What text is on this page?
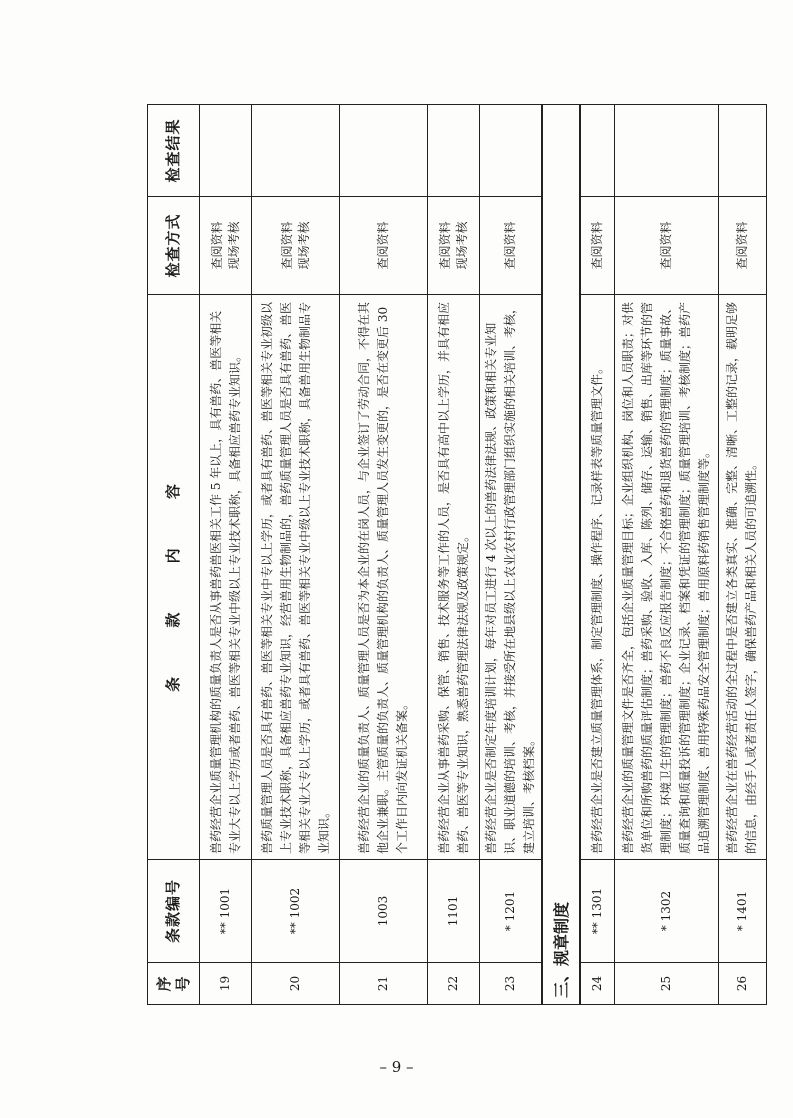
序号	条款编号	条 款 内 容	检查方式	检查结果
19	** 1001	兽药经营企业质量管理机构的质量负责人是否从事兽药兽医相关工作 5 年以上，具有兽药、兽医等相关专业大专以上学历或者兽药、兽医等相关专业中级以上专业技术职称，具备相应兽药专业知识。	查阅资料 现场考核	

20	** 1002	兽药质量管理人员是否具有兽药、兽医等相关专业中专以上学历，或者具有兽药、兽医等相关专业初级以上专业技术职称，具备相应兽药专业知识，经营兽用生物制品的，兽药质量管理人员是否具有兽药、兽医等相关专业大专以上学历，或者具有兽药、兽医等相关专业中级以上专业技术职称，具备兽用生物制品专业知识。	查阅资料 现场考核	

21	1003	兽药经营企业的质量负责人、质量管理人员是否为本企业的在岗人员，与企业签订了劳动合同，不得在其他企业兼职。主管质量的负责人、质量管理机构的负责人、质量管理人员发生变更的，是否在变更后 30 个工作日内向发证机关备案。	查阅资料	

22	1101	兽药经营企业从事兽药采购、保管、销售、技术服务等工作的人员，是否具有高中以上学历，并具有相应兽药、兽医等专业知识，熟悉兽药管理法律法规及政策规定。	查阅资料 现场考核	

23	* 1201	兽药经营企业是否制定年度培训计划，每年对员工进行 4 次以上的兽药法律法规、政策和相关专业知识、职业道德的培训、考核，并接受所在地县级以上农业农村行政管理部门组织实施的相关培训、考核，建立培训、考核档案。	查阅资料	

三、规章制度				
24	** 1301	兽药经营企业是否建立质量管理体系，制定管理制度、操作程序、记录样表等质量管理文件。	查阅资料	

25	* 1302	兽药经营企业的质量管理文件是否齐全，包括企业质量管理目标；企业组织机构、岗位和人员职责；对供货单位和所购兽药的质量评估制度；兽药采购、验收、入库、陈列、储存、运输、销售、出库等环节的管理制度；环境卫生的管理制度；兽药不良反应报告制度；不合格兽药和退货兽药的管理制度；质量事故、质量查询和质量投诉的管理制度；企业记录、档案和凭证的管理制度；质量管理培训、考核制度；兽药产品追溯管理制度、兽用特殊药品安全管理制度；兽用原料药销售管理制度等。	查阅资料	

26	* 1401	兽药经营企业在兽药经营活动的全过程中是否建立各类真实、准确、完整、清晰、工整的记录，载明足够的信息，由经手人或者责任人签字，确保兽药产品和相关人员的可追溯性。	查阅资料	

– 9 –
